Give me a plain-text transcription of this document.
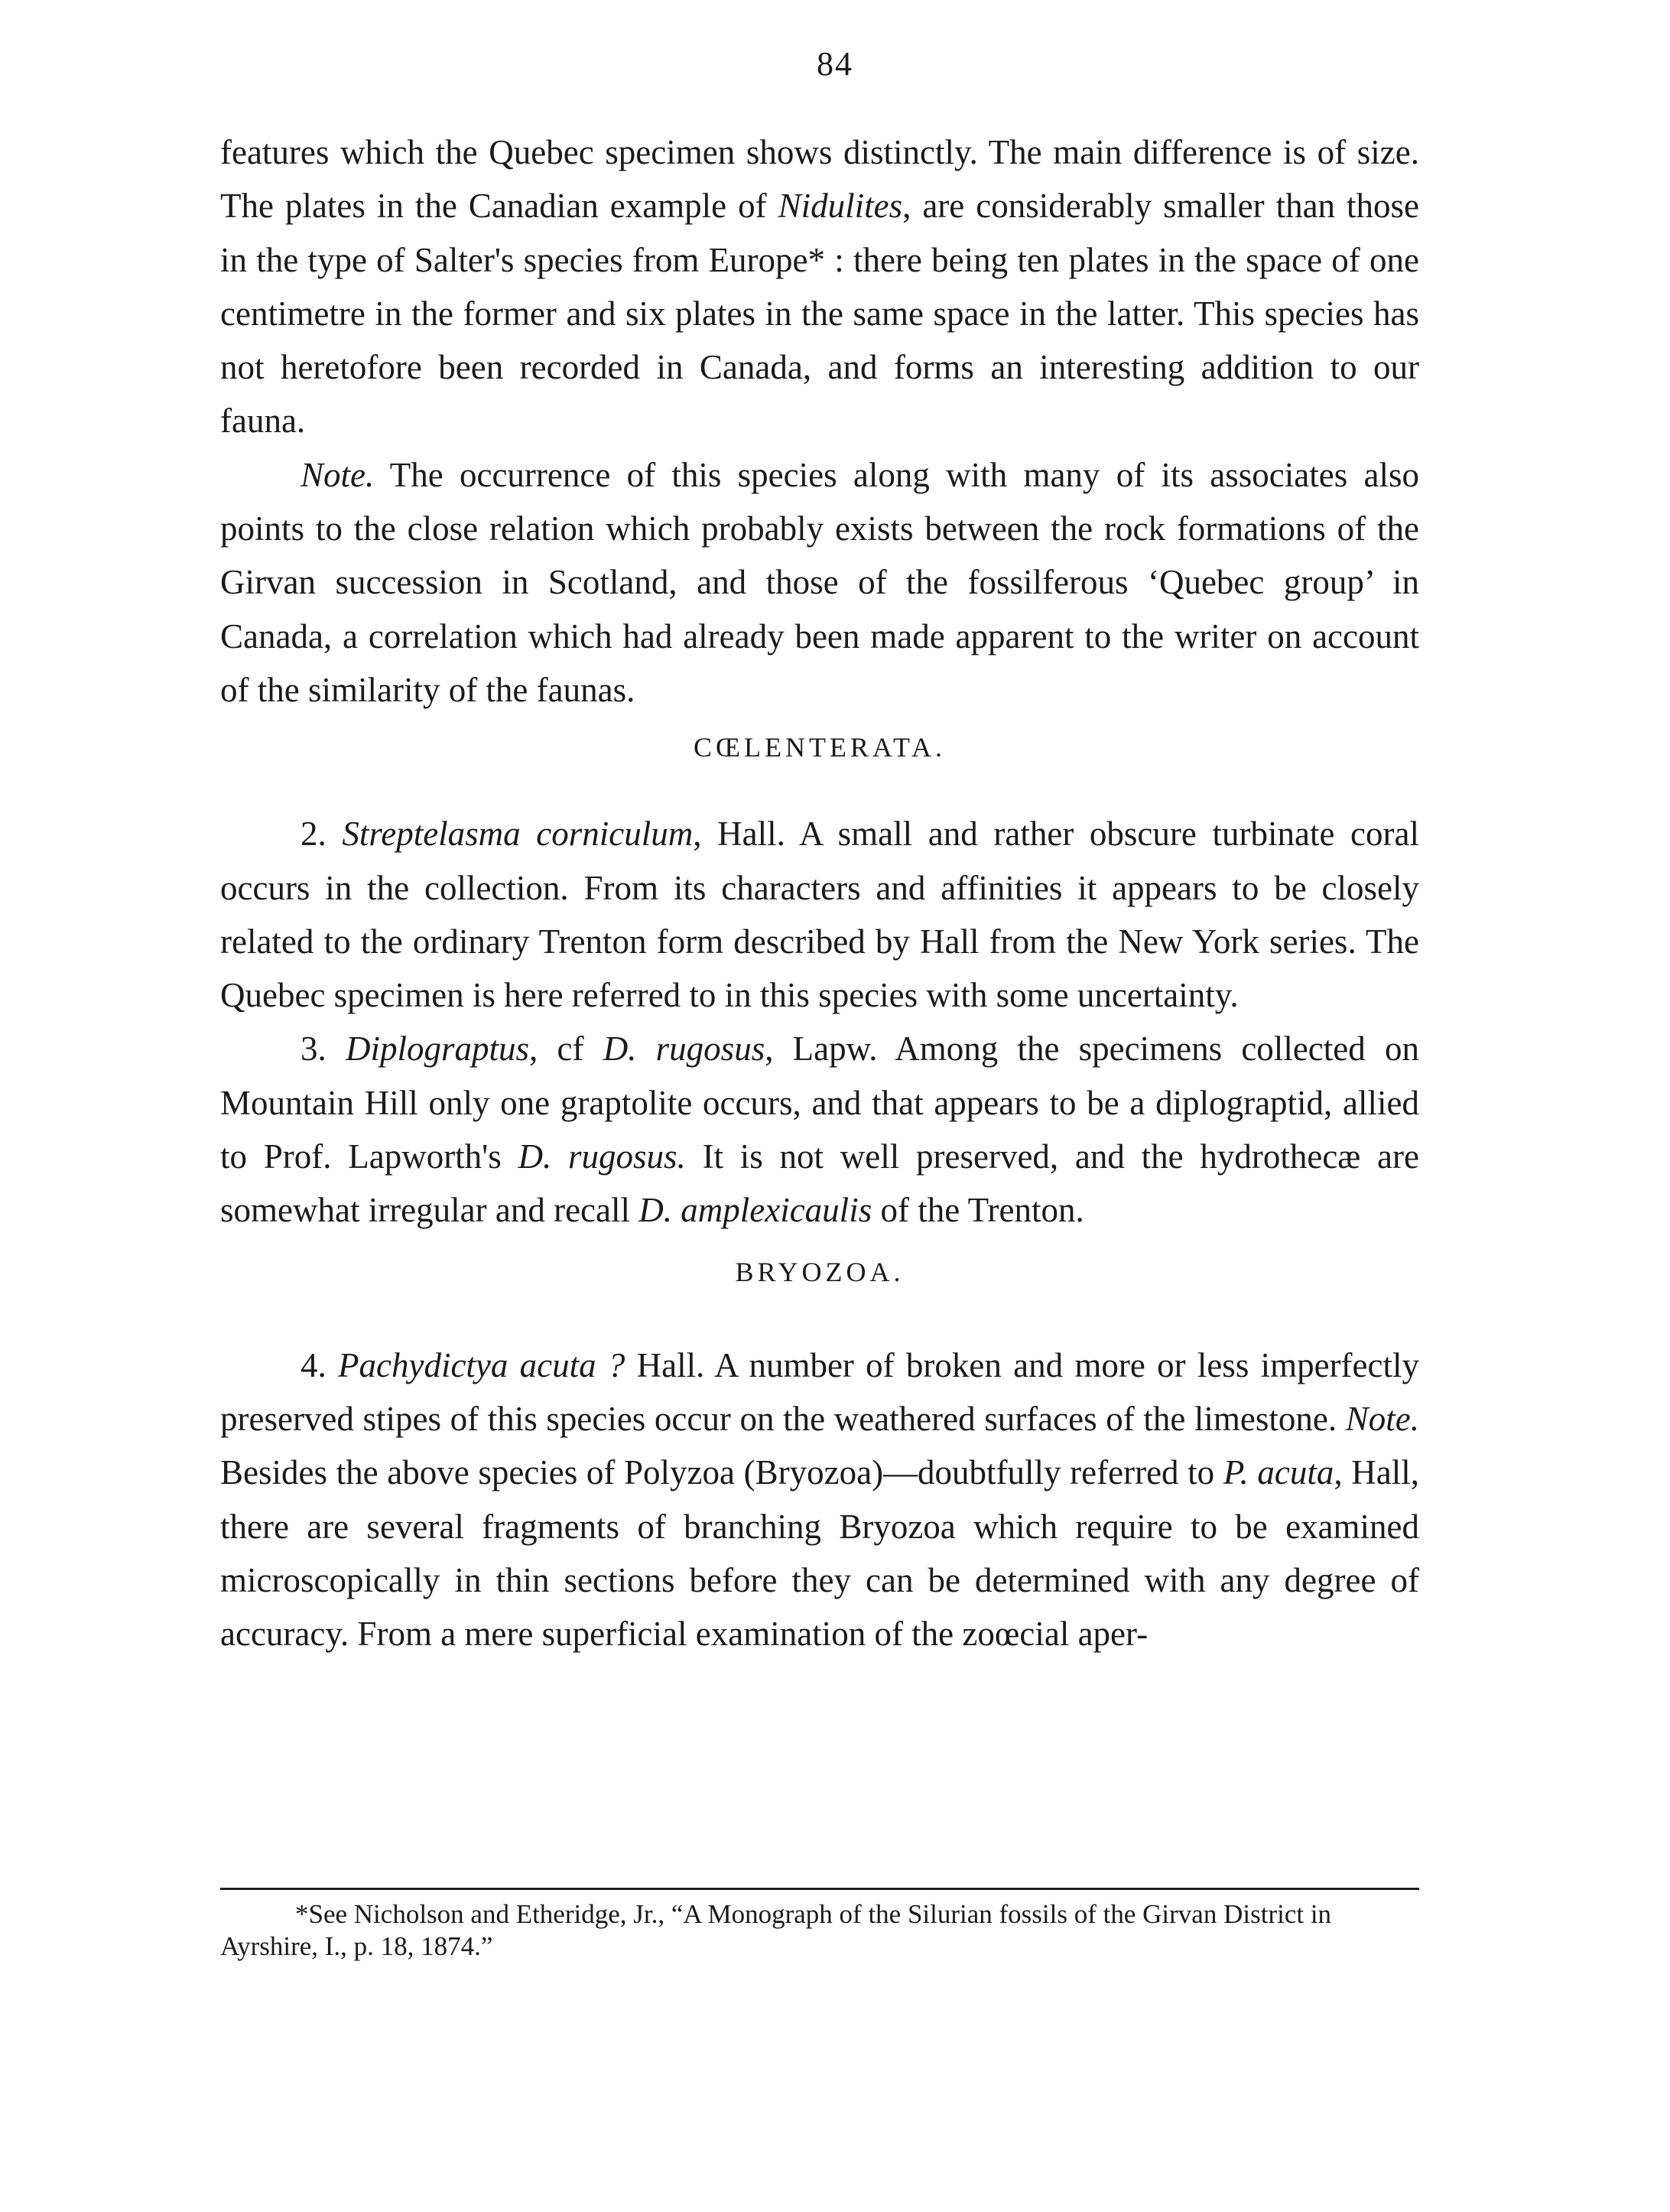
84

features which the Quebec specimen shows distinctly. The main difference is of size. The plates in the Canadian example of Nidulites, are considerably smaller than those in the type of Salter's species from Europe* : there being ten plates in the space of one centimetre in the former and six plates in the same space in the latter. This species has not heretofore been recorded in Canada, and forms an interesting addition to our fauna.

Note. The occurrence of this species along with many of its associates also points to the close relation which probably exists between the rock formations of the Girvan succession in Scotland, and those of the fossilferous ‘Quebec group’ in Canada, a correlation which had already been made apparent to the writer on account of the similarity of the faunas.

CŒLENTERATA.

2. Streptelasma corniculum, Hall. A small and rather obscure turbinate coral occurs in the collection. From its characters and affinities it appears to be closely related to the ordinary Trenton form described by Hall from the New York series. The Quebec specimen is here referred to in this species with some uncertainty.

3. Diplograptus, cf D. rugosus, Lapw. Among the specimens collected on Mountain Hill only one graptolite occurs, and that appears to be a diplograptid, allied to Prof. Lapworth's D. rugosus. It is not well preserved, and the hydrothecæ are somewhat irregular and recall D. amplexicaulis of the Trenton.

BRYOZOA.

4. Pachydictya acuta ? Hall. A number of broken and more or less imperfectly preserved stipes of this species occur on the weathered surfaces of the limestone. Note. Besides the above species of Polyzoa (Bryozoa)—doubtfully referred to P. acuta, Hall, there are several fragments of branching Bryozoa which require to be examined microscopically in thin sections before they can be determined with any degree of accuracy. From a mere superficial examination of the zoœcial aper-

*See Nicholson and Etheridge, Jr., “A Monograph of the Silurian fossils of the Girvan District in Ayrshire, I., p. 18, 1874.”
